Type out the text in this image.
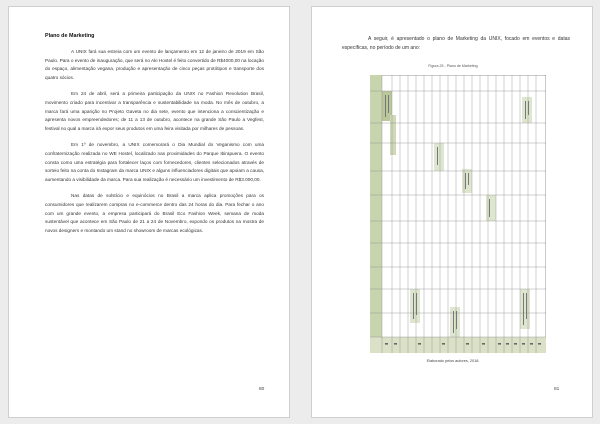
Plano de Marketing

A UNIX fará sua estreia com um evento de lançamento em 12 de janeiro de 2019 em São Paulo. Para o evento de inauguração, que será no Aki Hostel é feito convertido de R$4000,00 na locação do espaço, alimentação vegana, produção e apresentação de cinco peças protótipos e transporte dos quatro sócios.

Em 24 de abril, será a primeira participação da UNIX no Fashion Revolution Brasil, movimento criado para incentivar a transparência e sustentabilidade na moda. No mês de outubro, a marca fará uma aparição no Projeto Gaveta no dia sete, evento que intenciona a conscientização e apresenta novos empreendedores; de 11 a 13 de outubro, acontece na grande São Paulo a Vegfest, festival no qual a marca irá expor seus produtos em uma feira visitada por milhares de pessoas.

Em 1º de novembro, a UNIX comemorará o Dia Mundial do Veganismo com uma confraternização realizada no WE Hostel, localizado nas proximidades do Parque Ibirapuera. O evento consta como uma estratégia para fortalecer laços com fornecedores, clientes selecionados através de sorteio feito na conta do Instagram da marca UNIX e alguns influenciadores digitais que apoiam a causa, aumentando a visibilidade da marca. Para sua realização é necessário um investimento de R$3.000,00.

Nas datas de solstício e equinócios no Brasil a marca aplica promoções para os consumidores que realizarem compras no e-commerce dentro das 24 horas do dia. Para fechar o ano com um grande evento, a empresa participará do Brasil Eco Fashion Week, semana de moda sustentável que acontece em São Paulo de 21 a 24 de Novembro, expondo os produtos na mostra de novos designers e montando um stand no showroom de marcas ecológicas.

80
A seguir, é apresentado o plano de Marketing da UNIX, focado em eventos e datas específicas, no período de um ano:
Figura 25 - Plano de Marketing
Elaborado pelos autores, 2018.
81
